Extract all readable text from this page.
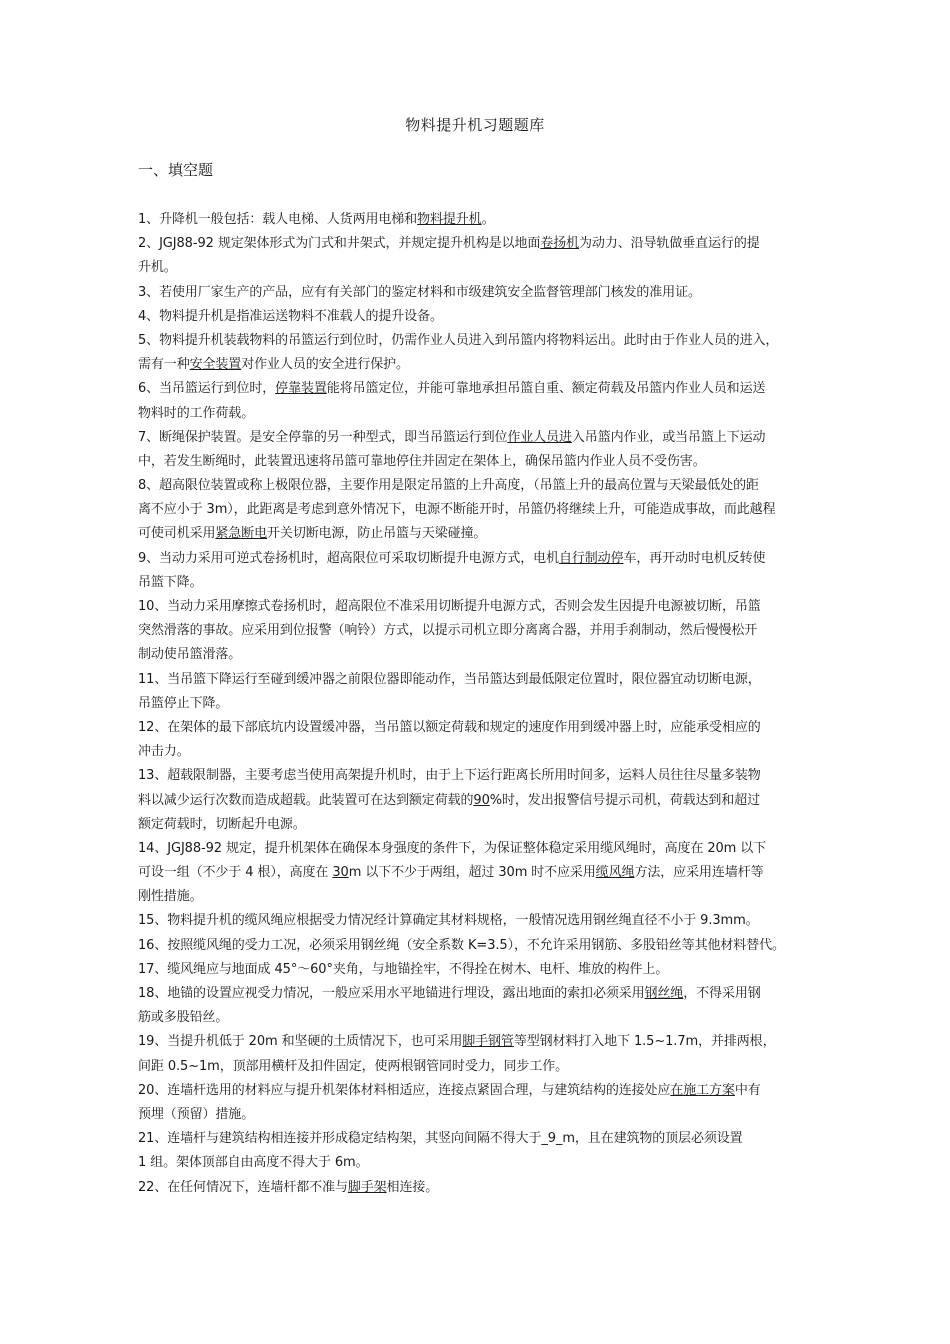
物料提升机习题题库
一、填空题

1、升降机一般包括：载人电梯、人货两用电梯和物料提升机。

2、JGJ88-92 规定架体形式为门式和井架式，并规定提升机构是以地面卷扬机为动力、沿导轨做垂直运行的提

升机。

3、若使用厂家生产的产品，应有有关部门的鉴定材料和市级建筑安全监督管理部门核发的准用证。

4、物料提升机是指准运送物料不准载人的提升设备。

5、物料提升机装载物料的吊篮运行到位时，仍需作业人员进入到吊篮内将物料运出。此时由于作业人员的进入，

需有一种安全装置对作业人员的安全进行保护。

6、当吊篮运行到位时，停靠装置能将吊篮定位，并能可靠地承担吊篮自重、额定荷载及吊篮内作业人员和运送

物料时的工作荷载。

7、断绳保护装置。是安全停靠的另一种型式，即当吊篮运行到位作业人员进入吊篮内作业，或当吊篮上下运动

中，若发生断绳时，此装置迅速将吊篮可靠地停住并固定在架体上，确保吊篮内作业人员不受伤害。

8、超高限位装置或称上极限位器，主要作用是限定吊篮的上升高度，（吊篮上升的最高位置与天梁最低处的距

离不应小于 3m），此距离是考虑到意外情况下，电源不断能开时，吊篮仍将继续上升，可能造成事故，而此越程

可使司机采用紧急断电开关切断电源，防止吊篮与天梁碰撞。

9、当动力采用可逆式卷扬机时，超高限位可采取切断提升电源方式，电机自行制动停车，再开动时电机反转使

吊篮下降。

10、当动力采用摩擦式卷扬机时，超高限位不准采用切断提升电源方式，否则会发生因提升电源被切断，吊篮

突然滑落的事故。应采用到位报警（响铃）方式，以提示司机立即分离离合器，并用手刹制动，然后慢慢松开

制动使吊篮滑落。

11、当吊篮下降运行至碰到缓冲器之前限位器即能动作，当吊篮达到最低限定位置时，限位器宜动切断电源，

吊篮停止下降。

12、在架体的最下部底坑内设置缓冲器，当吊篮以额定荷载和规定的速度作用到缓冲器上时，应能承受相应的

冲击力。

13、超载限制器，主要考虑当使用高架提升机时，由于上下运行距离长所用时间多，运料人员往往尽量多装物

料以减少运行次数而造成超载。此装置可在达到额定荷载的90%时，发出报警信号提示司机，荷载达到和超过

额定荷载时，切断起升电源。

14、JGJ88-92 规定，提升机架体在确保本身强度的条件下，为保证整体稳定采用缆风绳时，高度在 20m 以下

可设一组（不少于 4 根），高度在 30m 以下不少于两组，超过 30m 时不应采用缆风绳方法，应采用连墙杆等

刚性措施。

15、物料提升机的缆风绳应根据受力情况经计算确定其材料规格，一般情况选用钢丝绳直径不小于 9.3mm。

16、按照缆风绳的受力工况，必须采用钢丝绳（安全系数 K=3.5），不允许采用钢筋、多股铅丝等其他材料替代。

17、缆风绳应与地面成 45°～60°夹角，与地锚拴牢，不得拴在树木、电杆、堆放的构件上。

18、地锚的设置应视受力情况，一般应采用水平地锚进行埋设，露出地面的索扣必须采用钢丝绳，不得采用钢

筋或多股铅丝。

19、当提升机低于 20m 和坚硬的土质情况下，也可采用脚手钢管等型钢材料打入地下 1.5~1.7m，并排两根，

间距 0.5~1m，顶部用横杆及扣件固定，使两根钢管同时受力，同步工作。

20、连墙杆选用的材料应与提升机架体材料相适应，连接点紧固合理，与建筑结构的连接处应在施工方案中有

预埋（预留）措施。

21、连墙杆与建筑结构相连接并形成稳定结构架，其竖向间隔不得大于_9_m，且在建筑物的顶层必须设置

1 组。架体顶部自由高度不得大于 6m。

22、在任何情况下，连墙杆都不准与脚手架相连接。
